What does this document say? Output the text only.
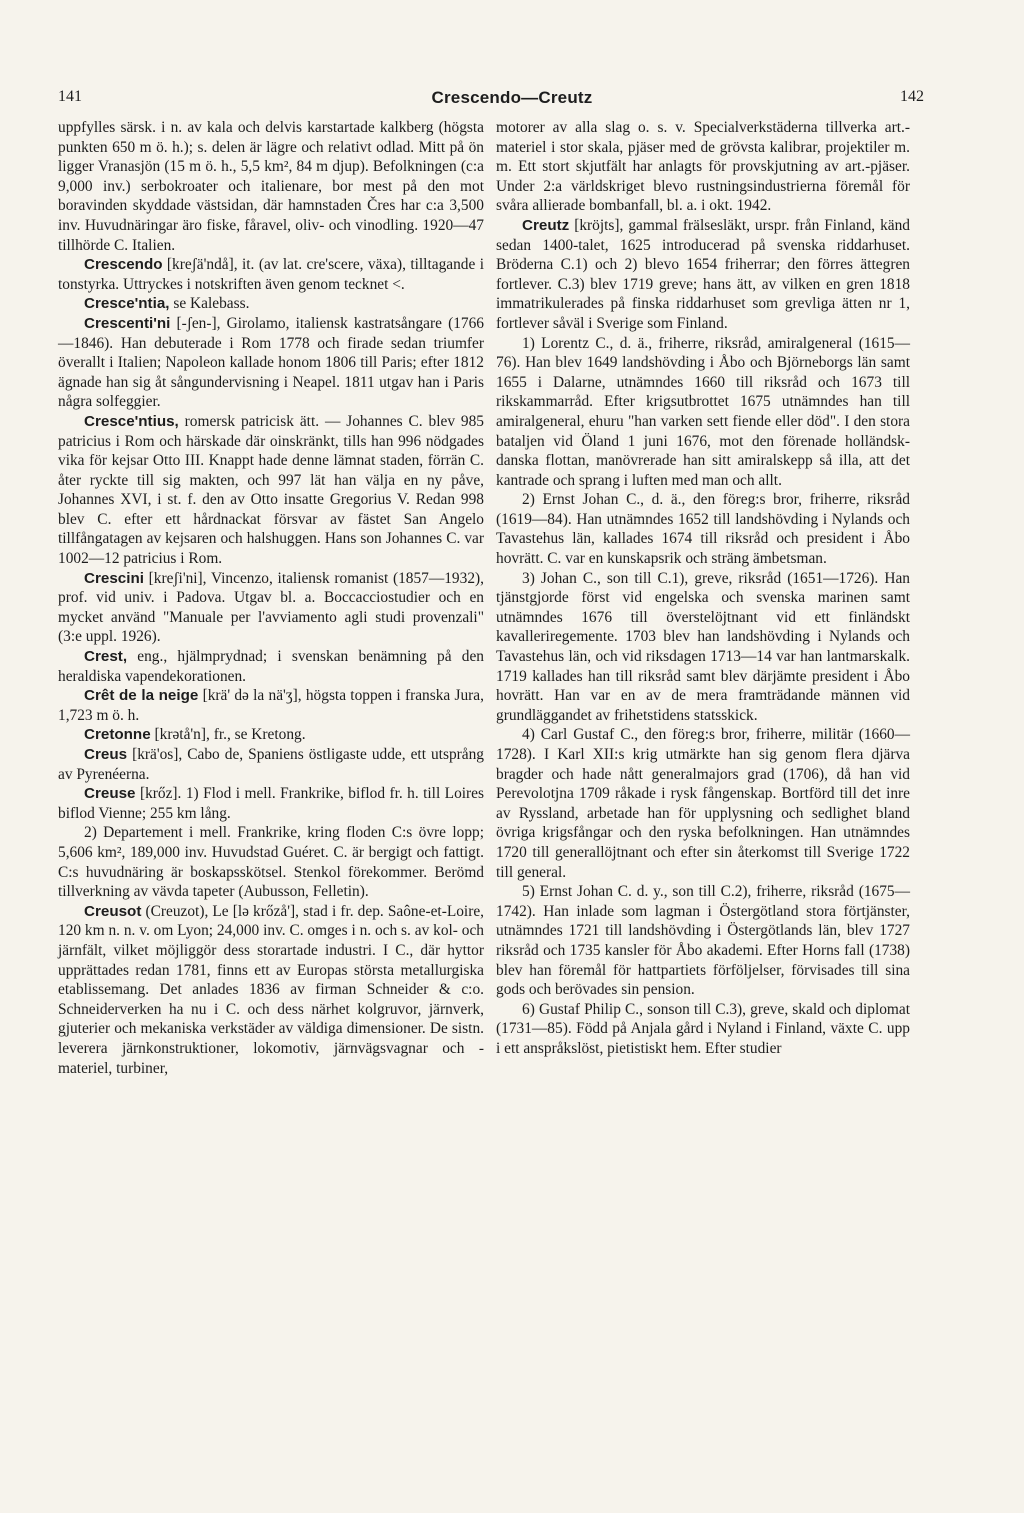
141	Crescendo—Creutz	142

uppfylles särsk. i n. av kala och delvis karstartade kalkberg (högsta punkten 650 m ö. h.); s. delen är lägre och relativt odlad. Mitt på ön ligger Vranasjön (15 m ö. h., 5,5 km², 84 m djup). Befolkningen (c:a 9,000 inv.) serbokroater och italienare, bor mest på den mot boravinden skyddade västsidan, där hamnstaden Čres har c:a 3,500 inv. Huvudnäringar äro fiske, fåravel, oliv- och vinodling. 1920—47 tillhörde C. Italien.

Crescendo [kreʃä'ndå], it. (av lat. cre'scere, växa), tilltagande i tonstyrka. Uttryckes i notskriften även genom tecknet <.

Cresce'ntia, se Kalebass.

Crescenti'ni [-ʃen-], Girolamo, italiensk kastratsångare (1766—1846). Han debuterade i Rom 1778 och firade sedan triumfer överallt i Italien; Napoleon kallade honom 1806 till Paris; efter 1812 ägnade han sig åt sångundervisning i Neapel. 1811 utgav han i Paris några solfeggier.

Cresce'ntius, romersk patricisk ätt. — Johannes C. blev 985 patricius i Rom och härskade där oinskränkt, tills han 996 nödgades vika för kejsar Otto III. Knappt hade denne lämnat staden, förrän C. åter ryckte till sig makten, och 997 lät han välja en ny påve, Johannes XVI, i st. f. den av Otto insatte Gregorius V. Redan 998 blev C. efter ett hårdnackat försvar av fästet San Angelo tillfångatagen av kejsaren och halshuggen. Hans son Johannes C. var 1002—12 patricius i Rom.

Crescini [kreʃi'ni], Vincenzo, italiensk romanist (1857—1932), prof. vid univ. i Padova. Utgav bl. a. Boccacciostudier och en mycket använd "Manuale per l'avviamento agli studi provenzali" (3:e uppl. 1926).

Crest, eng., hjälmprydnad; i svenskan benämning på den heraldiska vapendekorationen.

Crêt de la neige [krä' də la nä'ʒ], högsta toppen i franska Jura, 1,723 m ö. h.

Cretonne [krətå'n], fr., se Kretong.

Creus [krä'os], Cabo de, Spaniens östligaste udde, ett utsprång av Pyrenéerna.

Creuse [krőz]. 1) Flod i mell. Frankrike, biflod fr. h. till Loires biflod Vienne; 255 km lång.

2) Departement i mell. Frankrike, kring floden C:s övre lopp; 5,606 km², 189,000 inv. Huvudstad Guéret. C. är bergigt och fattigt. C:s huvudnäring är boskapsskötsel. Stenkol förekommer. Berömd tillverkning av vävda tapeter (Aubusson, Felletin).

Creusot (Creuzot), Le [lə krőzå'], stad i fr. dep. Saône-et-Loire, 120 km n. n. v. om Lyon; 24,000 inv. C. omges i n. och s. av kol- och järnfält, vilket möjliggör dess storartade industri. I C., där hyttor upprättades redan 1781, finns ett av Europas största metallurgiska etablissemang. Det anlades 1836 av firman Schneider & c:o. Schneiderverken ha nu i C. och dess närhet kolgruvor, järnverk, gjuterier och mekaniska verkstäder av väldiga dimensioner. De sistn. leverera järnkonstruktioner, lokomotiv, järnvägsvagnar och -materiel, turbiner,

motorer av alla slag o. s. v. Specialverkstäderna tillverka art.-materiel i stor skala, pjäser med de grövsta kalibrar, projektiler m. m. Ett stort skjutfält har anlagts för provskjutning av art.-pjäser. Under 2:a världskriget blevo rustningsindustrierna föremål för svåra allierade bombanfall, bl. a. i okt. 1942.

Creutz [kröjts], gammal frälsesläkt, urspr. från Finland, känd sedan 1400-talet, 1625 introducerad på svenska riddarhuset. Bröderna C.1) och 2) blevo 1654 friherrar; den förres ättegren fortlever. C.3) blev 1719 greve; hans ätt, av vilken en gren 1818 immatrikulerades på finska riddarhuset som grevliga ätten nr 1, fortlever såväl i Sverige som Finland.

1) Lorentz C., d. ä., friherre, riksråd, amiralgeneral (1615—76). Han blev 1649 landshövding i Åbo och Björneborgs län samt 1655 i Dalarne, utnämndes 1660 till riksråd och 1673 till rikskammarråd. Efter krigsutbrottet 1675 utnämndes han till amiralgeneral, ehuru "han varken sett fiende eller död". I den stora bataljen vid Öland 1 juni 1676, mot den förenade holländsk-danska flottan, manövrerade han sitt amiralskepp så illa, att det kantrade och sprang i luften med man och allt.

2) Ernst Johan C., d. ä., den föreg:s bror, friherre, riksråd (1619—84). Han utnämndes 1652 till landshövding i Nylands och Tavastehus län, kallades 1674 till riksråd och president i Åbo hovrätt. C. var en kunskapsrik och sträng ämbetsman.

3) Johan C., son till C.1), greve, riksråd (1651—1726). Han tjänstgjorde först vid engelska och svenska marinen samt utnämndes 1676 till överstelöjtnant vid ett finländskt kavalleriregemente. 1703 blev han landshövding i Nylands och Tavastehus län, och vid riksdagen 1713—14 var han lantmarskalk. 1719 kallades han till riksråd samt blev därjämte president i Åbo hovrätt. Han var en av de mera framträdande männen vid grundläggandet av frihetstidens statsskick.

4) Carl Gustaf C., den föreg:s bror, friherre, militär (1660—1728). I Karl XII:s krig utmärkte han sig genom flera djärva bragder och hade nått generalmajors grad (1706), då han vid Perevolotjna 1709 råkade i rysk fångenskap. Bortförd till det inre av Ryssland, arbetade han för upplysning och sedlighet bland övriga krigsfångar och den ryska befolkningen. Han utnämndes 1720 till generallöjtnant och efter sin återkomst till Sverige 1722 till general.

5) Ernst Johan C. d. y., son till C.2), friherre, riksråd (1675—1742). Han inlade som lagman i Östergötland stora förtjänster, utnämndes 1721 till landshövding i Östergötlands län, blev 1727 riksråd och 1735 kansler för Åbo akademi. Efter Horns fall (1738) blev han föremål för hattpartiets förföljelser, förvisades till sina gods och berövades sin pension.

6) Gustaf Philip C., sonson till C.3), greve, skald och diplomat (1731—85). Född på Anjala gård i Nyland i Finland, växte C. upp i ett anspråkslöst, pietistiskt hem. Efter studier
